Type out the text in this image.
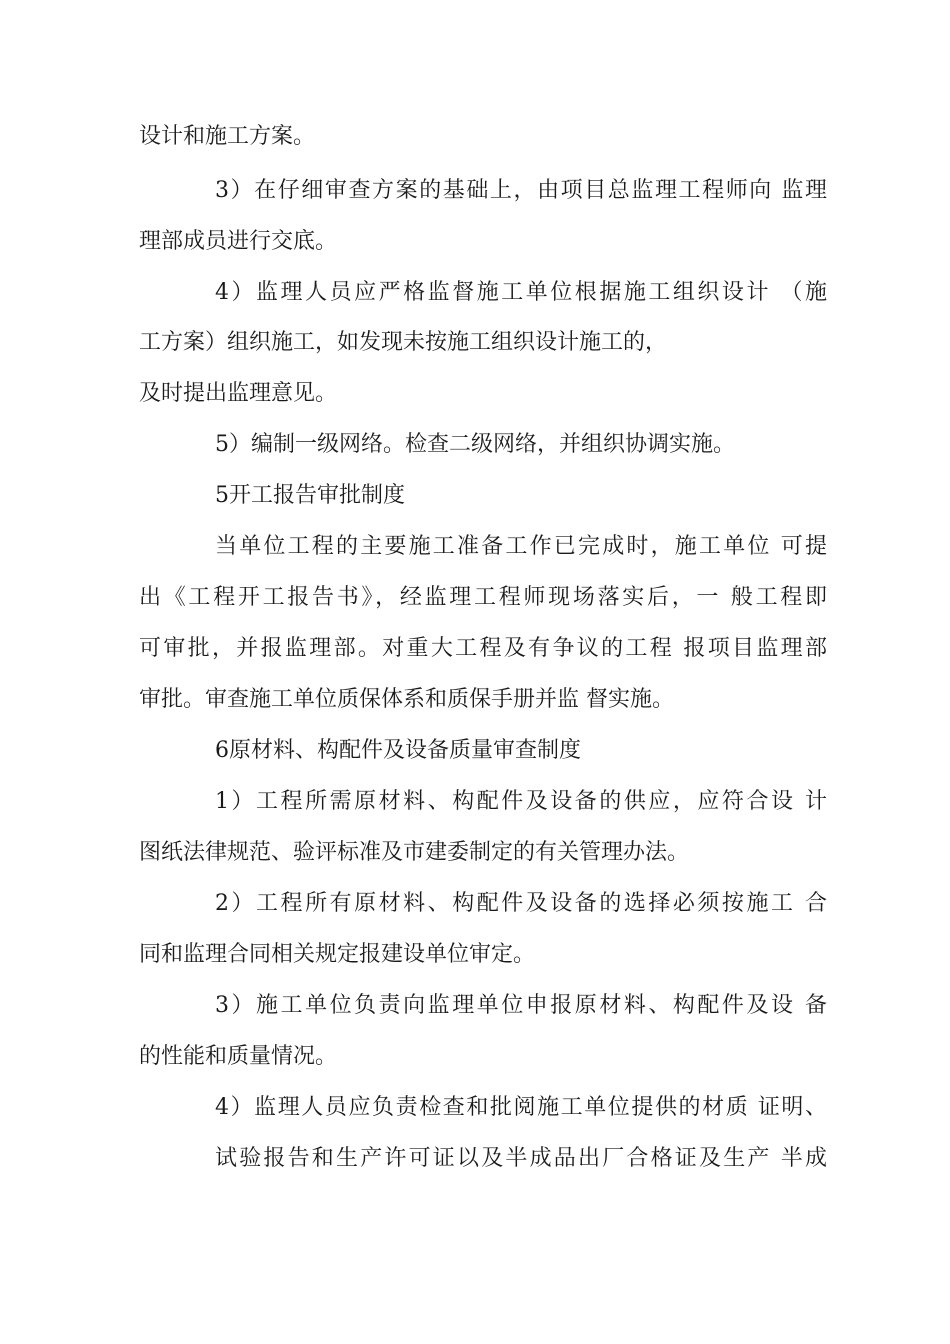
设计和施工方案。
3）在仔细审查方案的基础上，由项目总监理工程师向 监理
理部成员进行交底。
4）监理人员应严格监督施工单位根据施工组织设计 （施
工方案）组织施工，如发现未按施工组织设计施工的，
及时提出监理意见。
5）编制一级网络。检查二级网络，并组织协调实施。
5开工报告审批制度
当单位工程的主要施工准备工作已完成时，施工单位 可提
出《工程开工报告书》，经监理工程师现场落实后，一 般工程即
可审批，并报监理部。对重大工程及有争议的工程 报项目监理部
审批。审查施工单位质保体系和质保手册并监 督实施。
6原材料、构配件及设备质量审查制度
1）工程所需原材料、构配件及设备的供应，应符合设 计
图纸法律规范、验评标准及市建委制定的有关管理办法。
2）工程所有原材料、构配件及设备的选择必须按施工 合
同和监理合同相关规定报建设单位审定。
3）施工单位负责向监理单位申报原材料、构配件及设 备
的性能和质量情况。
4）监理人员应负责检查和批阅施工单位提供的材质 证明、
试验报告和生产许可证以及半成品出厂合格证及生产 半成
